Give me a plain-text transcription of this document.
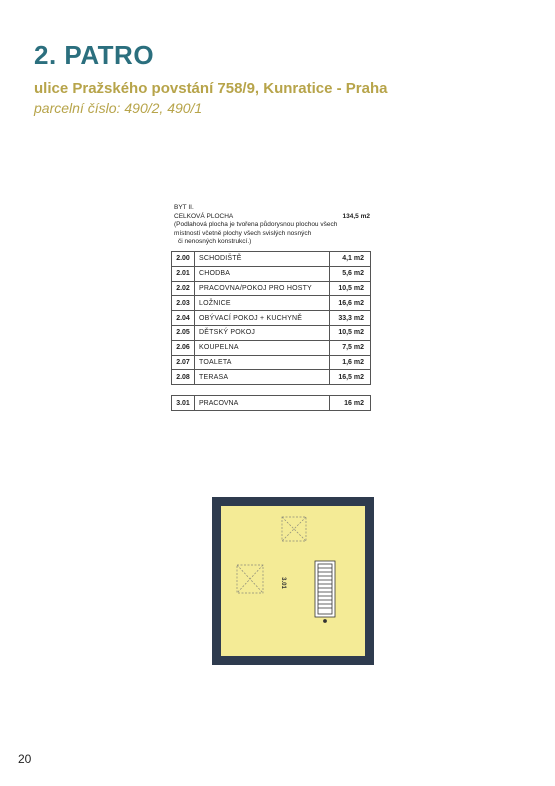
2. PATRO
ulice Pražského povstání 758/9, Kunratice - Praha
parcelní číslo: 490/2, 490/1
BYT II.
CELKOVÁ PLOCHA	134,5 m2
(Podlahová plocha je tvořena půdorysnou plochou všech
místností včetně plochy všech svislých nosných
či nenosných konstrukcí.)
2.00	SCHODIŠTĚ	4,1 m2
2.01	CHODBA	5,6 m2
2.02	PRACOVNA/POKOJ PRO HOSTY	10,5 m2
2.03	LOŽNICE	16,6 m2
2.04	OBÝVACÍ POKOJ + KUCHYNĚ	33,3 m2
2.05	DĚTSKÝ POKOJ	10,5 m2
2.06	KOUPELNA	7,5 m2
2.07	TOALETA	1,6 m2
2.08	TERASA	16,5 m2
3.01	PRACOVNA	16 m2
3.01
20
